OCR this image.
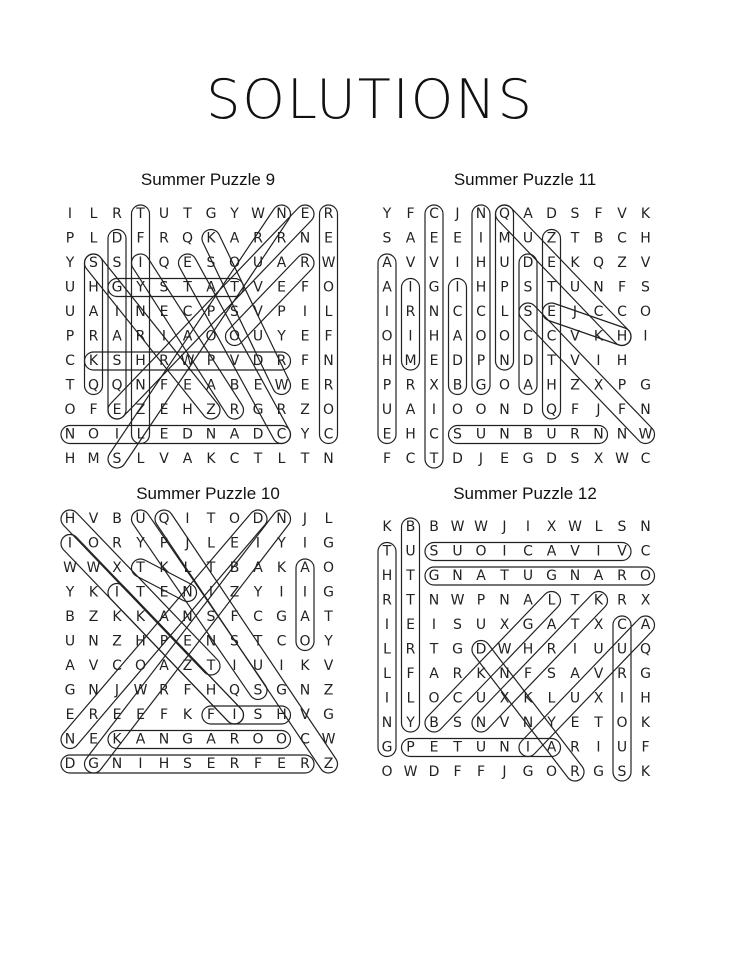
SOLUTIONS
Summer Puzzle 9
I L R T U T G Y W N E R
P L D F R Q K A R R N E
Y S S I Q E S O U A R W
U H G Y S T A T V E F O
U A I N E C P S V P I L
P R A R I A O O U Y E F
C K S H R W P V D R F N
T Q Q N F E A B E W E R
O F E Z E H Z R G R Z O
N O I L E D N A D C Y C
H M S L V A K C T L T N
Summer Puzzle 11
Y F C J N Q A D S F V K
S A E E I M U Z T B C H
A V V I H U D E K Q Z V
A I G I H P S T U N F S
I R N C C L S E J C C O
O I H A O O C C V K H I
H M E D P N D T V I H
P R X B G O A H Z X P G
U A I O O N D Q F J F N
E H C S U N B U R N N W
F C T D J E G D S X W C
Summer Puzzle 10
H V B U Q I T O D N J L
I O R Y P J L E I Y I G
W W X T K L T B A K A O
Y K I T E N I Z Y I I G
B Z K K A N S F C G A T
U N Z H P E N S T C O Y
A V C O A Z T I U I K V
G N J W R F H Q S G N Z
E R E E F K F I S H V G
N E K A N G A R O O C W
D G N I H S E R F E R Z
Summer Puzzle 12
K B B W W J I X W L S N
T U S U O I C A V I V C
H T G N A T U G N A R O
R T N W P N A L T K R X
I E I S U X G A T X C A
L R T G D W H R I U U Q
L F A R K N F S A V R G
I L O C U X K L U X I H
N Y B S N V N Y E T O K
G P E T U N I A R I U F
O W D F F J G O R G S K
